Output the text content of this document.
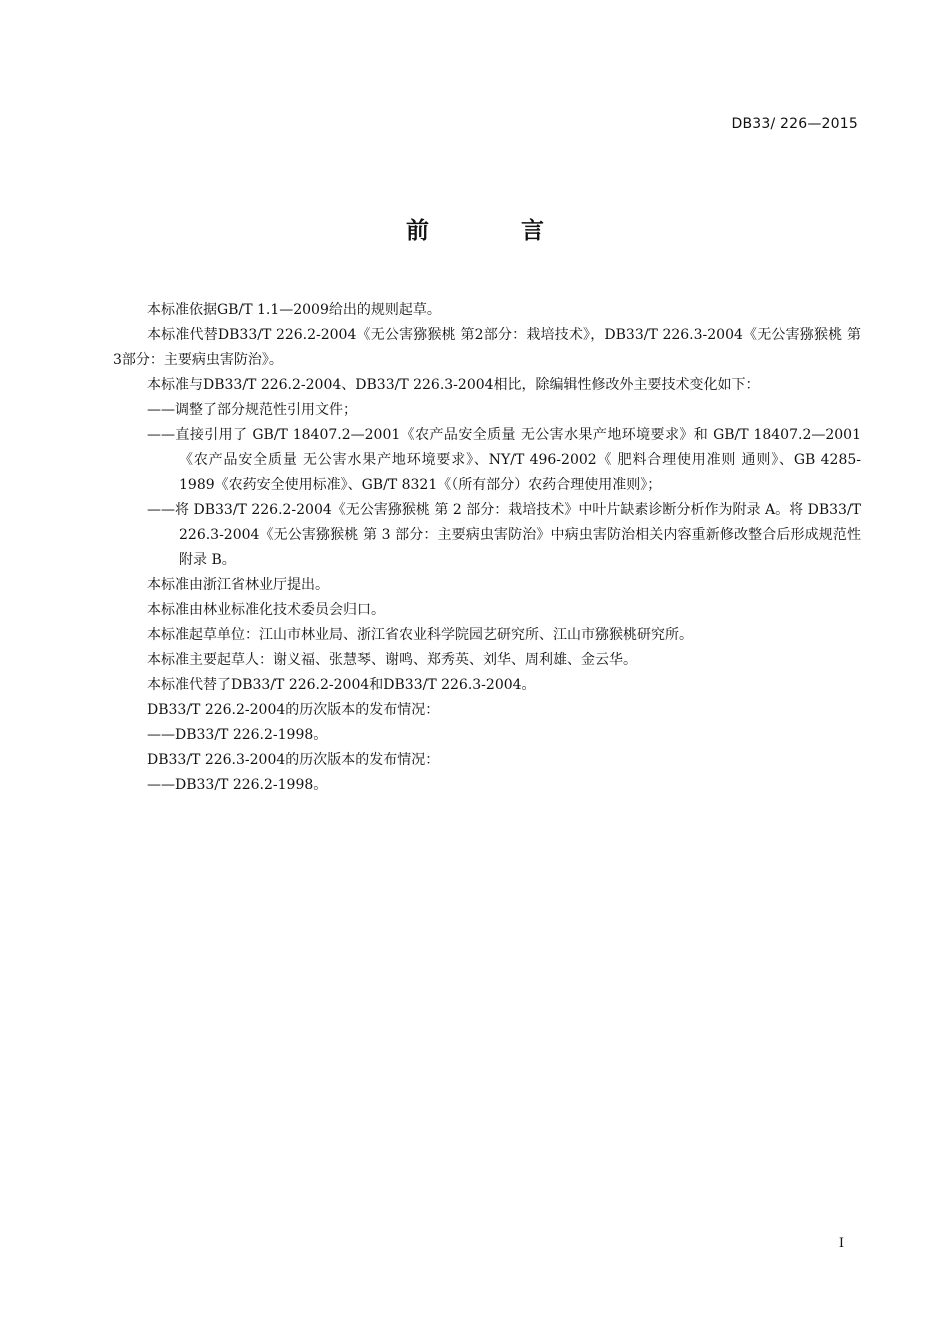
DB33/ 226—2015
前 言

本标准依据GB/T 1.1—2009给出的规则起草。

本标准代替DB33/T 226.2-2004《无公害猕猴桃 第2部分：栽培技术》，DB33/T 226.3-2004《无公害猕猴桃 第3部分：主要病虫害防治》。

本标准与DB33/T 226.2-2004、DB33/T 226.3-2004相比，除编辑性修改外主要技术变化如下：

——调整了部分规范性引用文件；

——直接引用了 GB/T 18407.2—2001《农产品安全质量 无公害水果产地环境要求》和 GB/T 18407.2—2001《农产品安全质量 无公害水果产地环境要求》、NY/T 496-2002《 肥料合理使用准则 通则》、GB 4285-1989《农药安全使用标准》、GB/T 8321《（所有部分）农药合理使用准则》；

——将 DB33/T 226.2-2004《无公害猕猴桃 第 2 部分：栽培技术》中叶片缺素诊断分析作为附录 A。将 DB33/T 226.3-2004《无公害猕猴桃 第 3 部分：主要病虫害防治》中病虫害防治相关内容重新修改整合后形成规范性附录 B。

本标准由浙江省林业厅提出。

本标准由林业标准化技术委员会归口。

本标准起草单位：江山市林业局、浙江省农业科学院园艺研究所、江山市猕猴桃研究所。

本标准主要起草人：谢义福、张慧琴、谢鸣、郑秀英、刘华、周利雄、金云华。

本标准代替了DB33/T 226.2-2004和DB33/T 226.3-2004。

DB33/T 226.2-2004的历次版本的发布情况：

——DB33/T 226.2-1998。

DB33/T 226.3-2004的历次版本的发布情况：

——DB33/T 226.2-1998。

I
